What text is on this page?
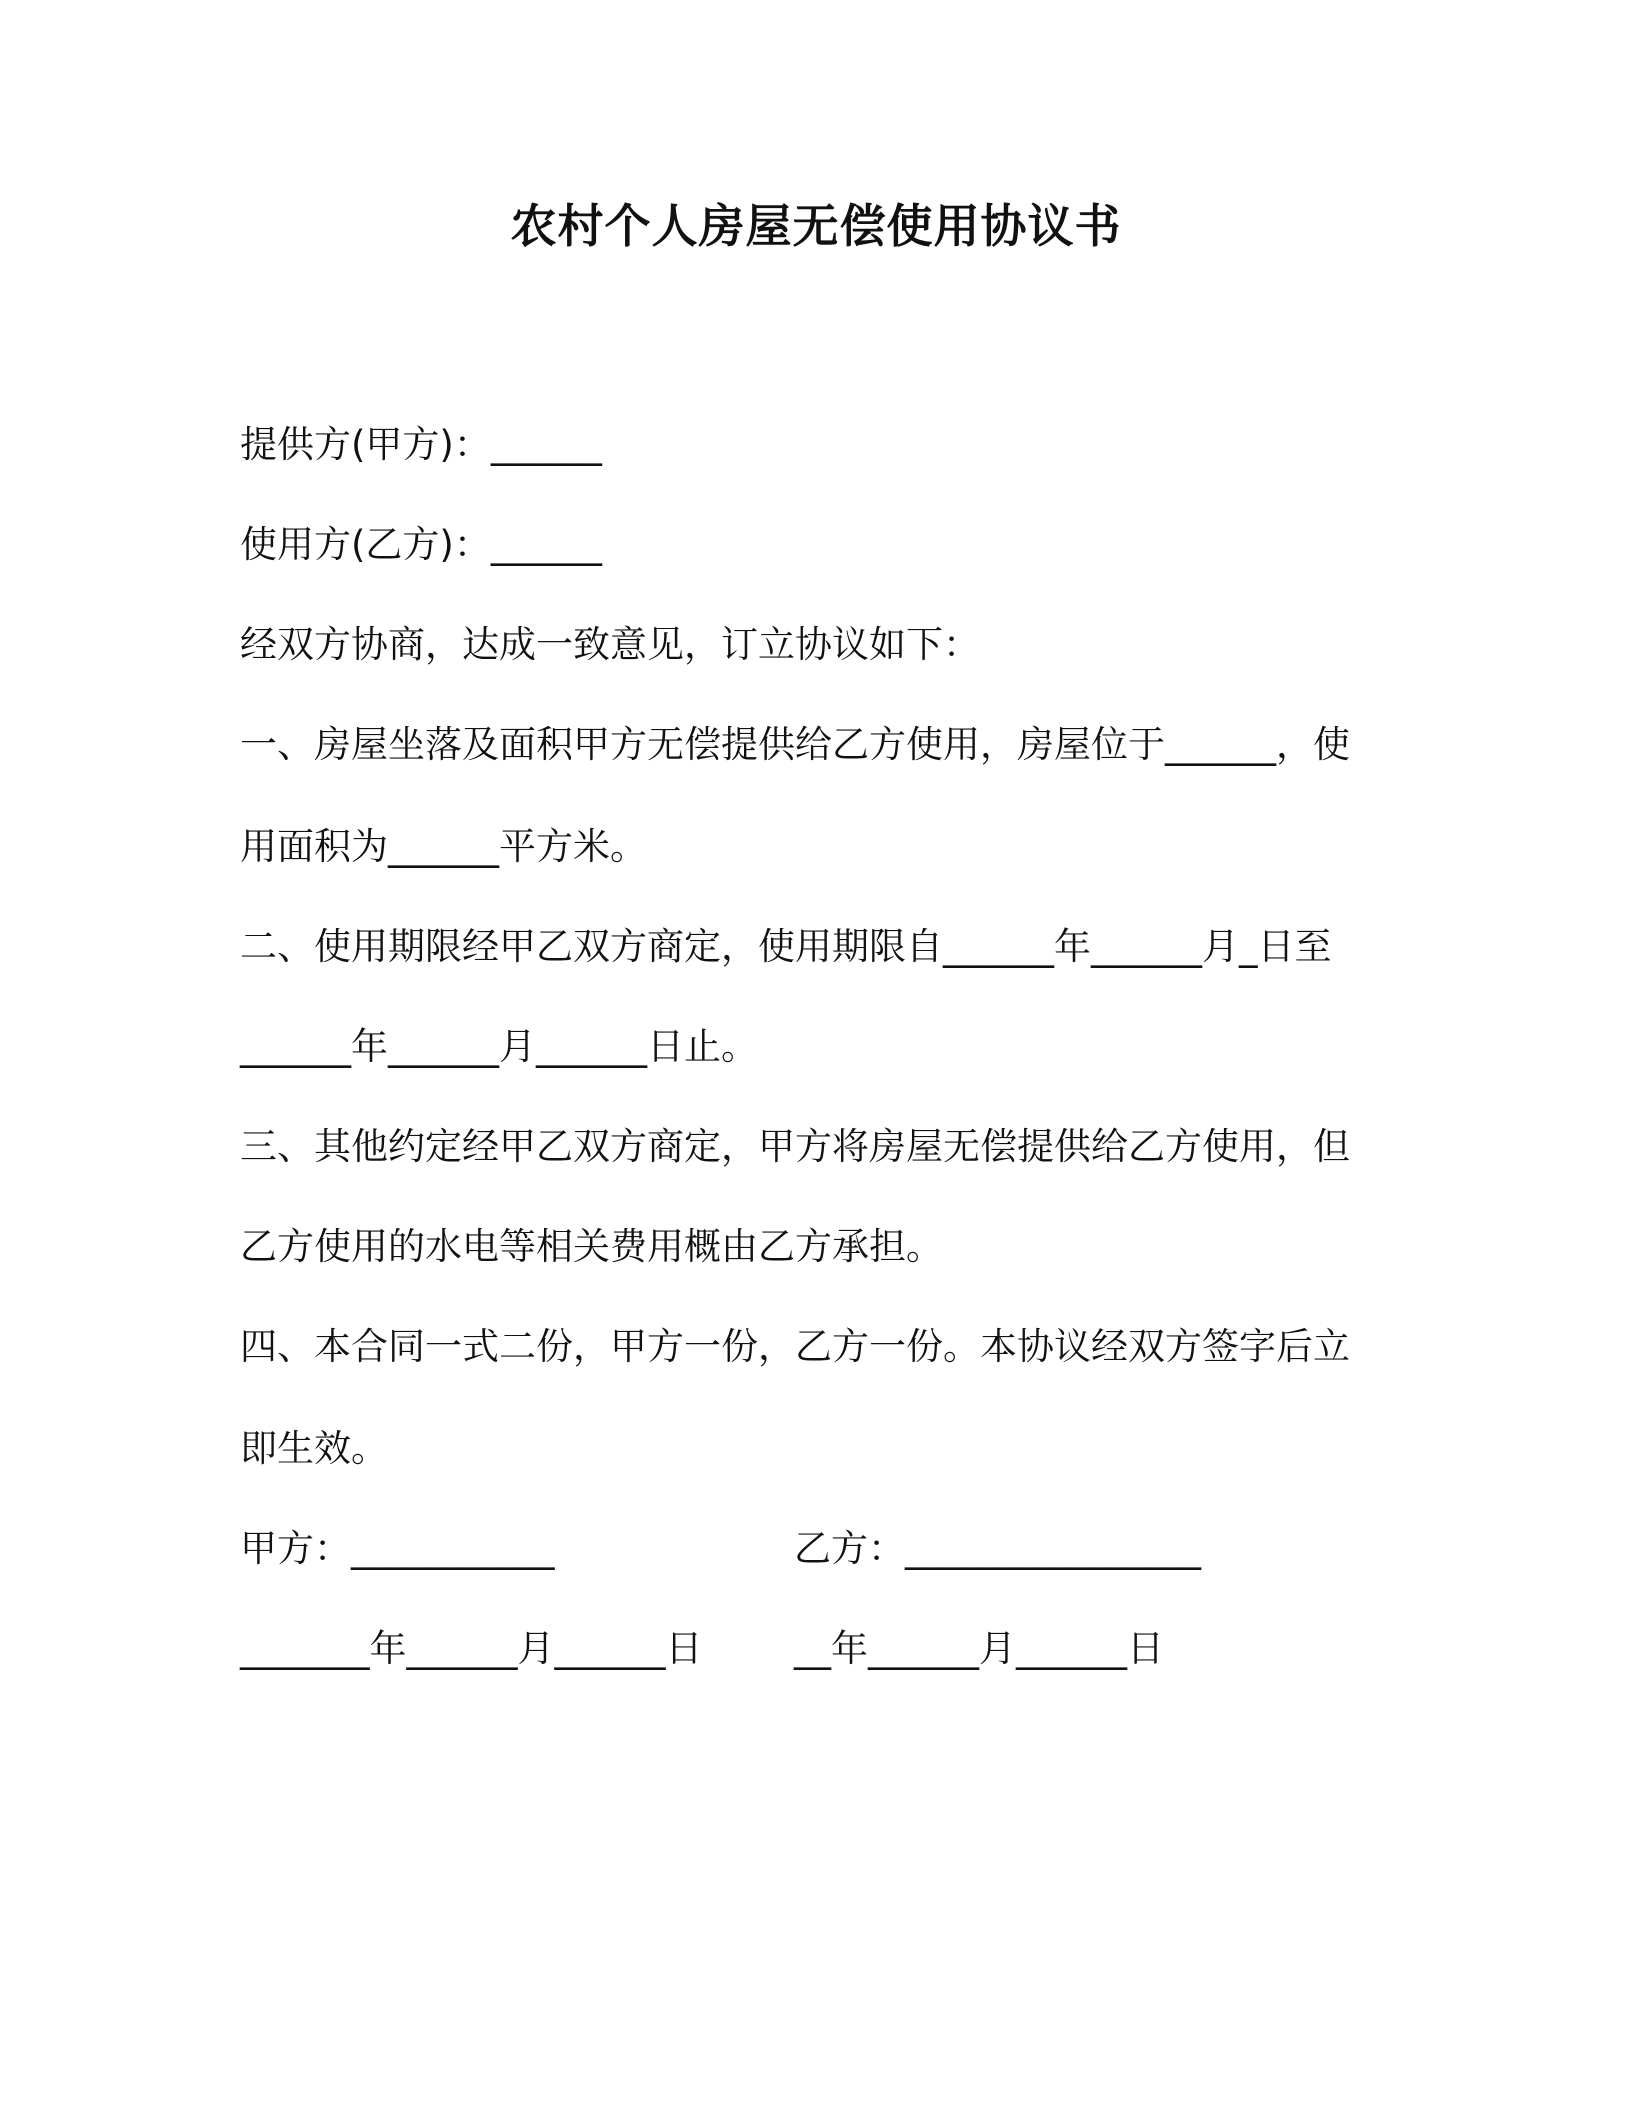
农村个人房屋无偿使用协议书
提供方(甲方)：______
使用方(乙方)：______
经双方协商，达成一致意见，订立协议如下：
一、房屋坐落及面积甲方无偿提供给乙方使用，房屋位于______，使
用面积为______平方米。
二、使用期限经甲乙双方商定，使用期限自______年______月_日至
______年______月______日止。
三、其他约定经甲乙双方商定，甲方将房屋无偿提供给乙方使用，但
乙方使用的水电等相关费用概由乙方承担。
四、本合同一式二份，甲方一份，乙方一份。本协议经双方签字后立
即生效。
甲方：___________	乙方：________________
_______年______月______日 __年______月______日
